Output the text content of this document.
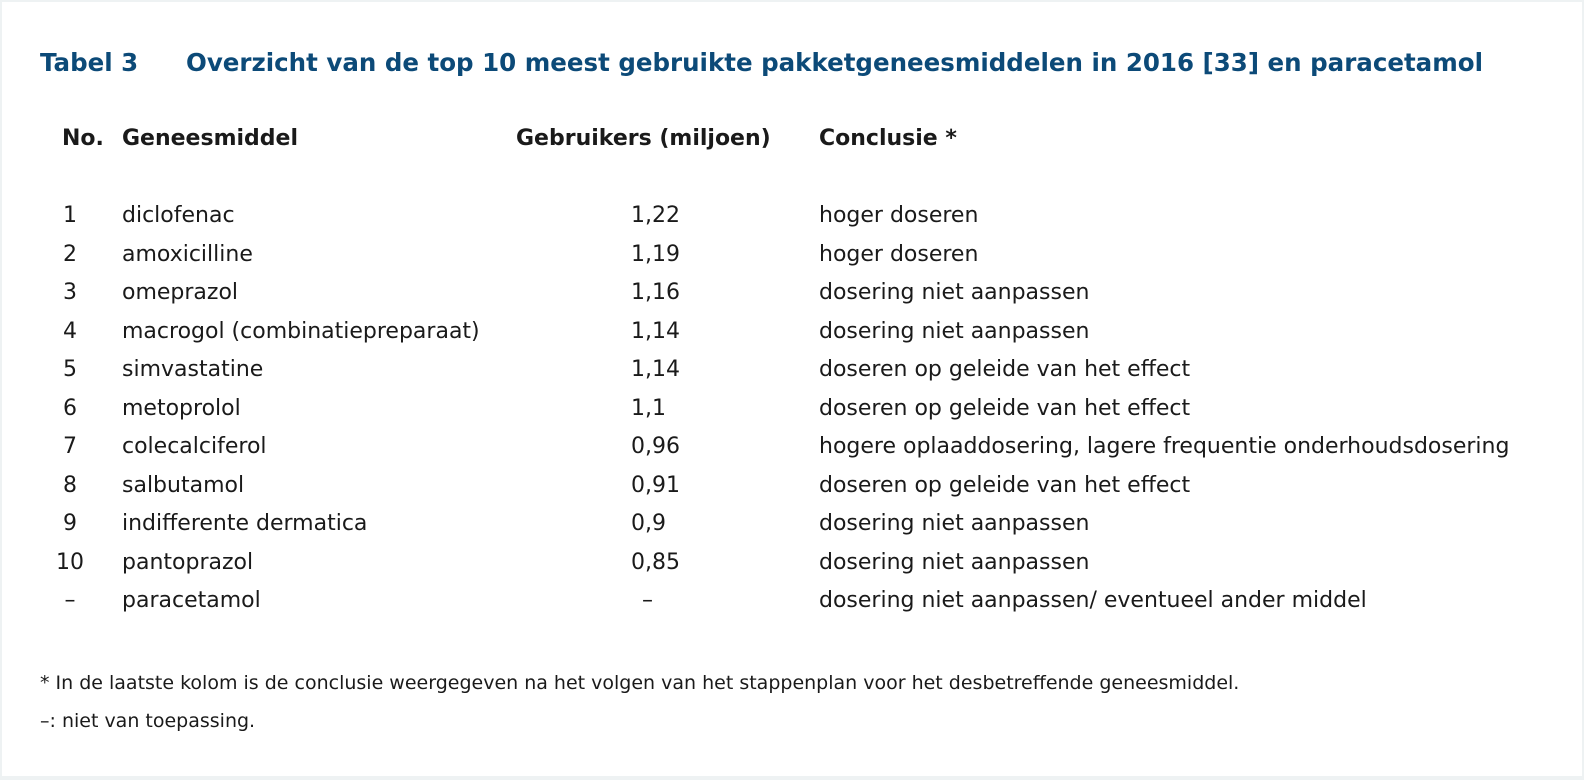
Tabel 3 Overzicht van de top 10 meest gebruikte pakketgeneesmiddelen in 2016 [33] en paracetamol
No. Geneesmiddel	Gebruikers (miljoen) Conclusie *
1	diclofenac	1,22	hoger doseren
2	amoxicilline	1,19	hoger doseren
3	omeprazol	1,16	dosering niet aanpassen
4	macrogol (combinatiepreparaat)	1,14	dosering niet aanpassen
5	simvastatine	1,14	doseren op geleide van het effect
6	metoprolol	1,1	doseren op geleide van het effect
7	colecalciferol	0,96	hogere oplaaddosering, lagere frequentie onderhoudsdosering
8	salbutamol	0,91	doseren op geleide van het effect
9	indifferente dermatica	0,9	dosering niet aanpassen
10	pantoprazol	0,85	dosering niet aanpassen
–	paracetamol	–	dosering niet aanpassen/ eventueel ander middel
* In de laatste kolom is de conclusie weergegeven na het volgen van het stappenplan voor het desbetreffende geneesmiddel.
–: niet van toepassing.
